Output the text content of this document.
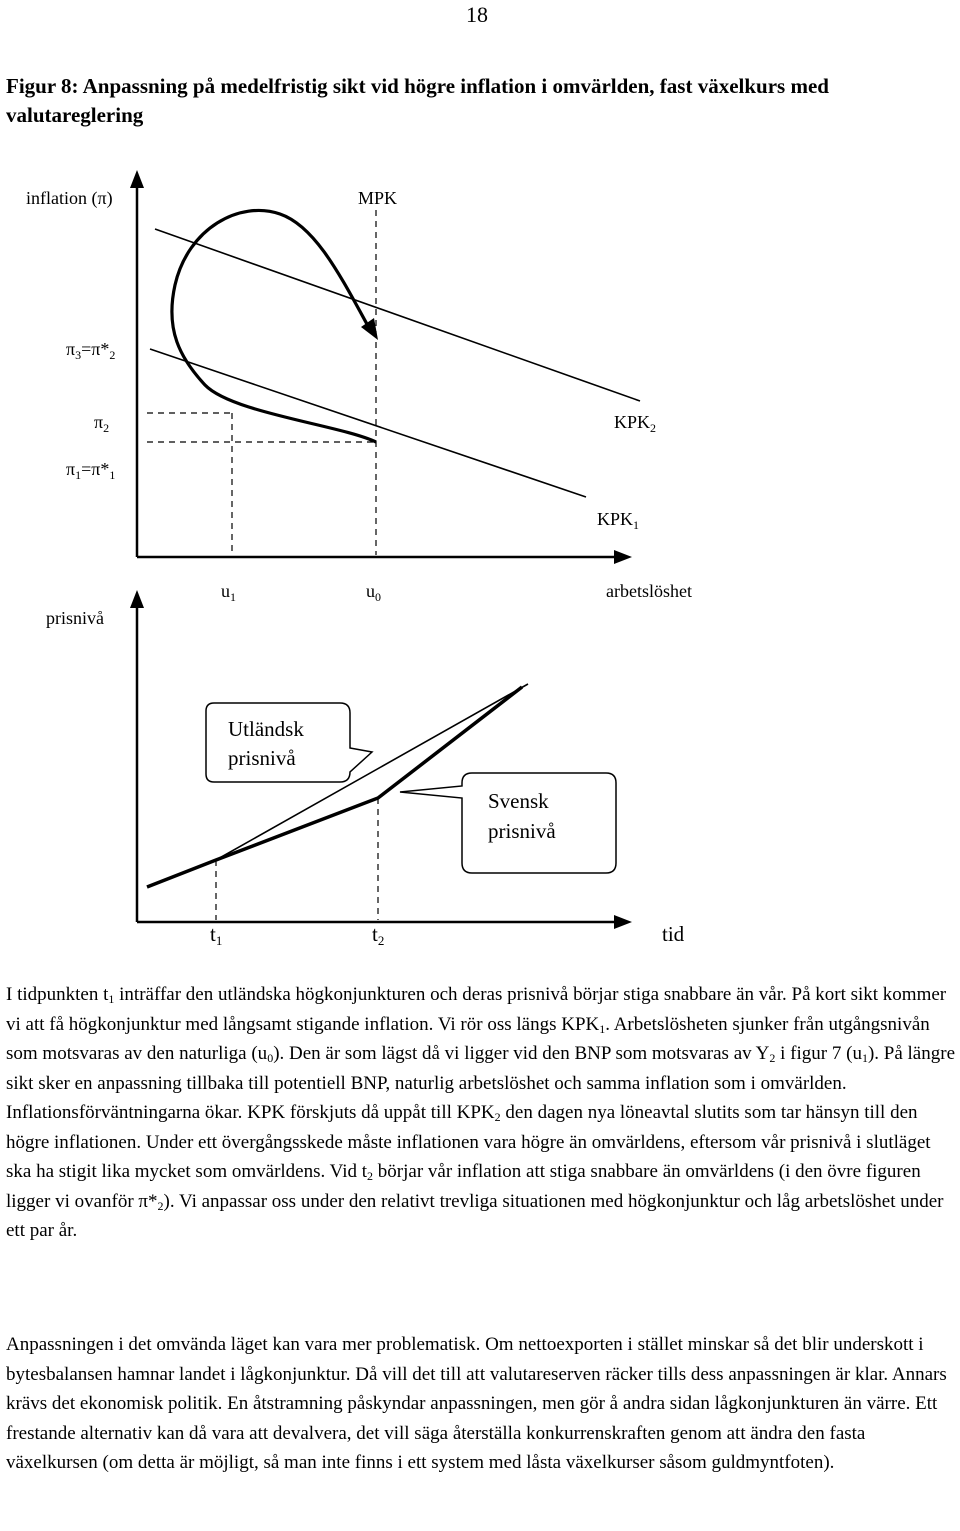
18
Figur 8: Anpassning på medelfristig sikt vid högre inflation i omvärlden, fast växelkurs med valutareglering
inflation (π)	MPK
$\pi_3=\pi*_2$
$\pi_2$
$\pi_1=\pi*_1$
$KPK_2$
$KPK_1$
$u_1$	$u_0$	arbetslöshet
Utländsk
prisnivå
Svensk
prisnivå
prisnivå
t1	t2	tid

I tidpunkten $t_1$ inträffar den utländska högkonjunkturen och deras prisnivå börjar stiga snabbare än vår. På kort sikt kommer vi att få högkonjunktur med långsamt stigande inflation. Vi rör oss längs $KPK_1$. Arbetslösheten sjunker från utgångsnivån som motsvaras av den naturliga $(u_0)$. Den är som lägst då vi ligger vid den BNP som motsvaras av $Y_2$ i figur 7 $(u_1)$. På längre sikt sker en anpassning tillbaka till potentiell BNP, naturlig arbetslöshet och samma inflation som i omvärlden. Inflationsförväntningarna ökar. KPK förskjuts då uppåt till $KPK_2$ den dagen nya löneavtal slutits som tar hänsyn till den högre inflationen. Under ett övergångsskede måste inflationen vara högre än omvärldens, eftersom vår prisnivå i slutläget ska ha stigit lika mycket som omvärldens. Vid $t_2$ börjar vår inflation att stiga snabbare än omvärldens (i den övre figuren ligger vi ovanför $\pi*_2$). Vi anpassar oss under den relativt trevliga situationen med högkonjunktur och låg arbetslöshet under ett par år.

Anpassningen i det omvända läget kan vara mer problematisk. Om nettoexporten i stället minskar så det blir underskott i bytesbalansen hamnar landet i lågkonjunktur. Då vill det till att valutareserven räcker tills dess anpassningen är klar. Annars krävs det ekonomisk politik. En åtstramning påskyndar anpassningen, men gör å andra sidan lågkonjunkturen än värre. Ett frestande alternativ kan då vara att devalvera, det vill säga återställa konkurrenskraften genom att ändra den fasta växelkursen (om detta är möjligt, så man inte finns i ett system med låsta växelkurser såsom guldmyntfoten).
